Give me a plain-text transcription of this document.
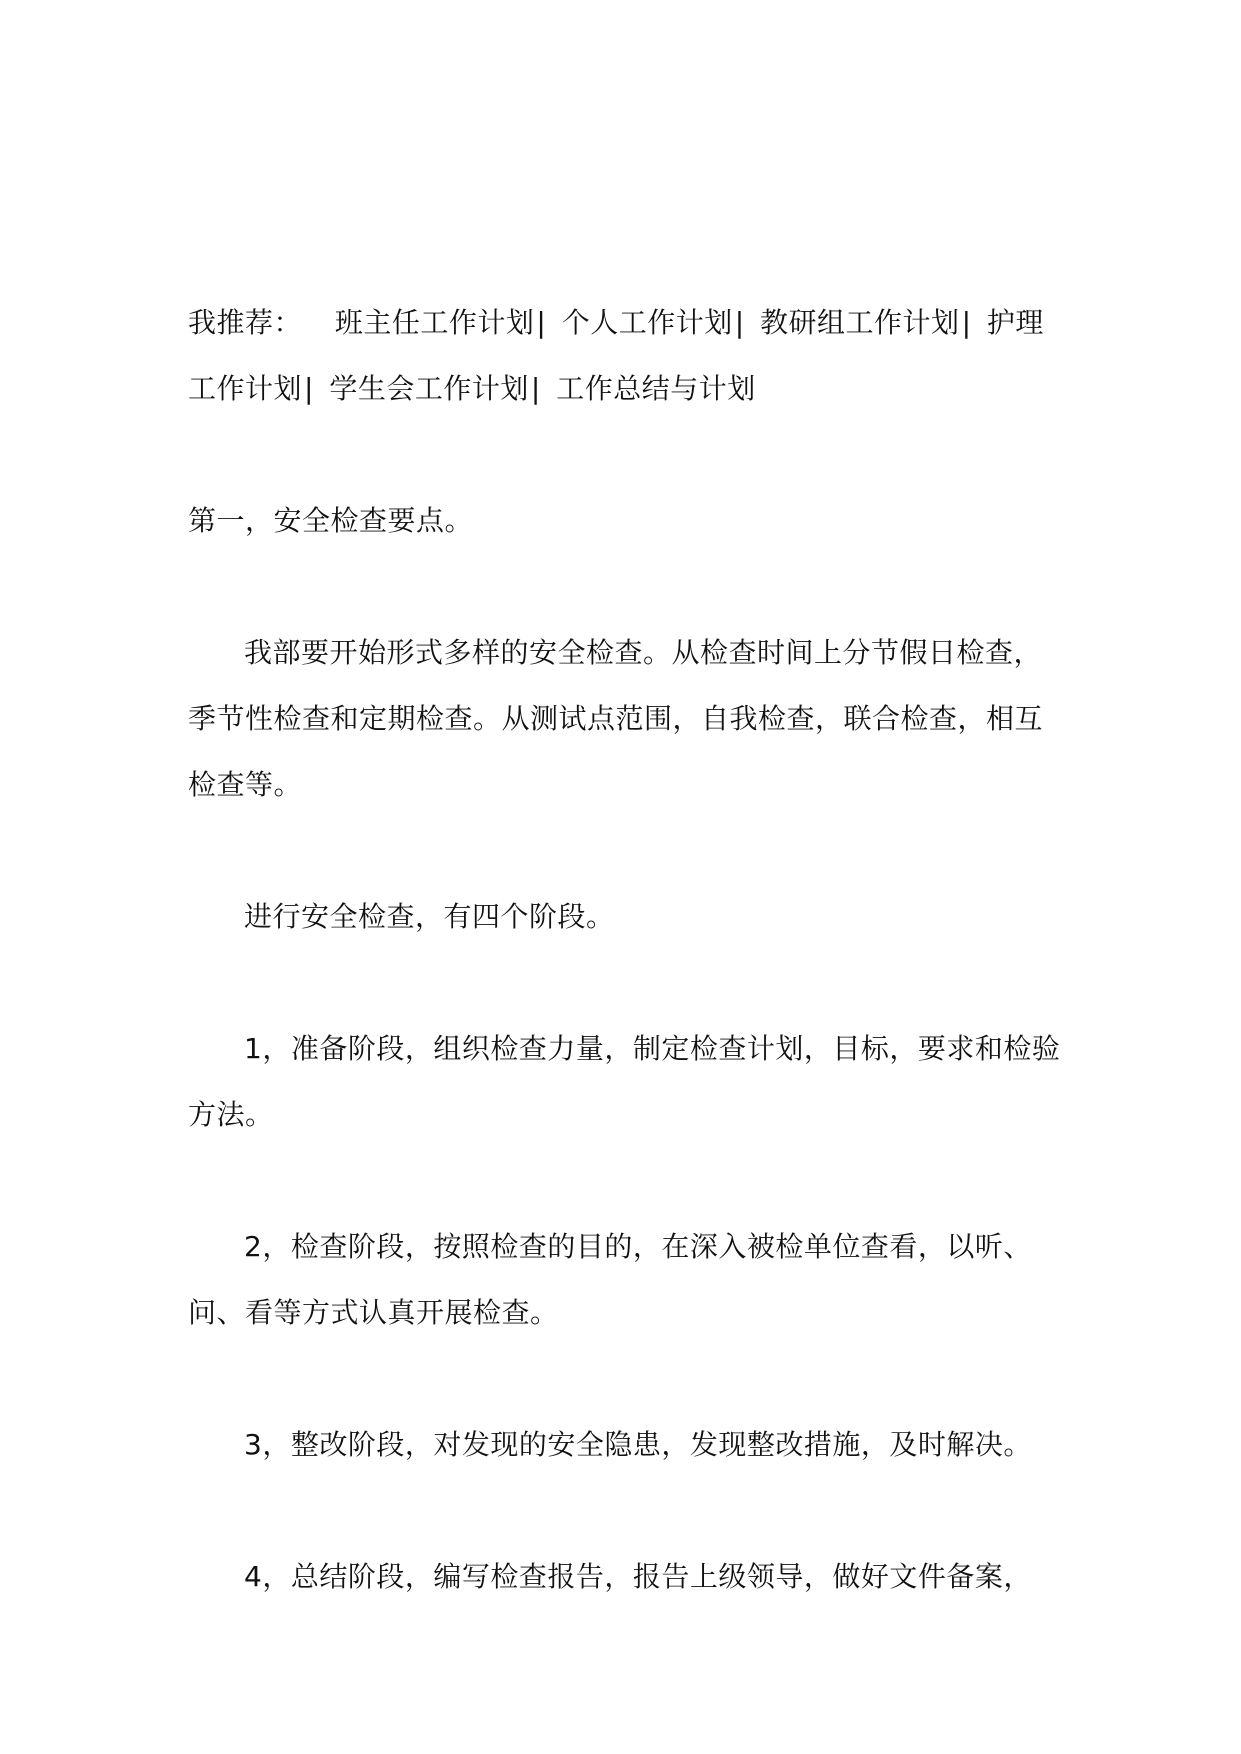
我推荐： 班主任工作计划| 个人工作计划| 教研组工作计划| 护理工作计划| 学生会工作计划| 工作总结与计划
第一，安全检查要点。

我部要开始形式多样的安全检查。从检查时间上分节假日检查，季节性检查和定期检查。从测试点范围，自我检查，联合检查，相互检查等。

进行安全检查，有四个阶段。

1，准备阶段，组织检查力量，制定检查计划，目标，要求和检验方法。

2，检查阶段，按照检查的目的，在深入被检单位查看，以听、问、看等方式认真开展检查。

3，整改阶段，对发现的安全隐患，发现整改措施，及时解决。

4，总结阶段，编写检查报告，报告上级领导，做好文件备案，
